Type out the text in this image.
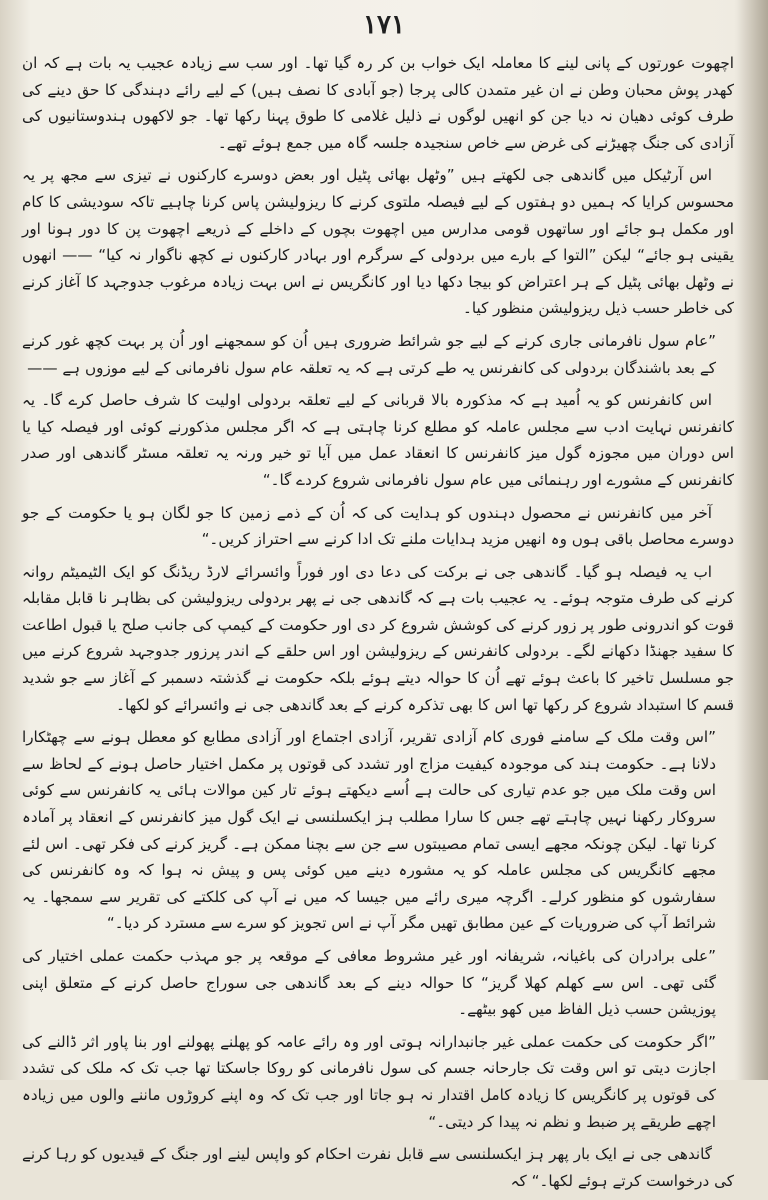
۱۷۱

اچھوت عورتوں کے پانی لینے کا معاملہ ایک خواب بن کر رہ گیا تھا۔ اور سب سے زیادہ عجیب یہ بات ہے کہ ان کھدر پوش محبان وطن نے ان غیر متمدن کالی پرجا (جو آبادی کا نصف ہیں) کے لیے رائے دہندگی کا حق دینے کی طرف کوئی دھیان نہ دیا جن کو انھیں لوگوں نے ذلیل غلامی کا طوق پہنا رکھا تھا۔ جو لاکھوں ہندوستانیوں کی آزادی کی جنگ چھیڑنے کی غرض سے خاص سنجیدہ جلسہ گاہ میں جمع ہوئے تھے۔

اس آرٹیکل میں گاندھی جی لکھتے ہیں ”وٹھل بھائی پٹیل اور بعض دوسرے کارکنوں نے تیزی سے مجھ پر یہ محسوس کرایا کہ ہمیں دو ہفتوں کے لیے فیصلہ ملتوی کرنے کا ریزولیشن پاس کرنا چاہیے تاکہ سودیشی کا کام اور مکمل ہو جائے اور ساتھوں قومی مدارس میں اچھوت بچوں کے داخلے کے ذریعے اچھوت پن کا دور ہونا اور یقینی ہو جائے“ لیکن ”التوا کے بارے میں بردولی کے سرگرم اور بہادر کارکنوں نے کچھ ناگوار نہ کیا“ —— انھوں نے وٹھل بھائی پٹیل کے ہر اعتراض کو بیجا دکھا دیا اور کانگریس نے اس بہت زیادہ مرغوب جدوجہد کا آغاز کرنے کی خاطر حسب ذیل ریزولیشن منظور کیا۔

”عام سول نافرمانی جاری کرنے کے لیے جو شرائط ضروری ہیں اُن کو سمجھنے اور اُن پر بہت کچھ غور کرنے کے بعد باشندگان بردولی کی کانفرنس یہ طے کرتی ہے کہ یہ تعلقہ عام سول نافرمانی کے لیے موزوں ہے ——

اس کانفرنس کو یہ اُمید ہے کہ مذکورہ بالا قربانی کے لیے تعلقہ بردولی اولیت کا شرف حاصل کرے گا۔ یہ کانفرنس نہایت ادب سے مجلس عاملہ کو مطلع کرنا چاہتی ہے کہ اگر مجلس مذکورنے کوئی اور فیصلہ کیا یا اس دوران میں مجوزہ گول میز کانفرنس کا انعقاد عمل میں آیا تو خیر ورنہ یہ تعلقہ مسٹر گاندھی اور صدر کانفرنس کے مشورے اور رہنمائی میں عام سول نافرمانی شروع کردے گا۔“

آخر میں کانفرنس نے محصول دہندوں کو ہدایت کی کہ اُن کے ذمے زمین کا جو لگان ہو یا حکومت کے جو دوسرے محاصل باقی ہوں وہ انھیں مزید ہدایات ملنے تک ادا کرنے سے احتراز کریں۔“

اب یہ فیصلہ ہو گیا۔ گاندھی جی نے برکت کی دعا دی اور فوراً وائسرائے لارڈ ریڈنگ کو ایک الٹیمیٹم روانہ کرنے کی طرف متوجہ ہوئے۔ یہ عجیب بات ہے کہ گاندھی جی نے پھر بردولی ریزولیشن کی بظاہر نا قابل مقابلہ قوت کو اندرونی طور پر زور کرنے کی کوشش شروع کر دی اور حکومت کے کیمپ کی جانب صلح یا قبول اطاعت کا سفید جھنڈا دکھانے لگے۔ بردولی کانفرنس کے ریزولیشن اور اس حلقے کے اندر پرزور جدوجہد شروع کرنے میں جو مسلسل تاخیر کا باعث ہوئے تھے اُن کا حوالہ دیتے ہوئے بلکہ حکومت نے گذشتہ دسمبر کے آغاز سے جو شدید قسم کا استبداد شروع کر رکھا تھا اس کا بھی تذکرہ کرنے کے بعد گاندھی جی نے وائسرائے کو لکھا۔

”اس وقت ملک کے سامنے فوری کام آزادی تقریر، آزادی اجتماع اور آزادی مطابع کو معطل ہونے سے چھٹکارا دلانا ہے۔ حکومت ہند کی موجودہ کیفیت مزاج اور تشدد کی قوتوں پر مکمل اختیار حاصل ہونے کے لحاظ سے اس وقت ملک میں جو عدم تیاری کی حالت ہے اُسے دیکھتے ہوئے تار کین موالات ہائی یہ کانفرنس سے کوئی سروکار رکھنا نہیں چاہتے تھے جس کا سارا مطلب ہز ایکسلنسی نے ایک گول میز کانفرنس کے انعقاد پر آمادہ کرنا تھا۔ لیکن چونکہ مجھے ایسی تمام مصیبتوں سے جن سے بچنا ممکن ہے۔ گریز کرنے کی فکر تھی۔ اس لئے مجھے کانگریس کی مجلس عاملہ کو یہ مشورہ دینے میں کوئی پس و پیش نہ ہوا کہ وہ کانفرنس کی سفارشوں کو منظور کرلے۔ اگرچہ میری رائے میں جیسا کہ میں نے آپ کی کلکتے کی تقریر سے سمجھا۔ یہ شرائط آپ کی ضروریات کے عین مطابق تھیں مگر آپ نے اس تجویز کو سرے سے مسترد کر دیا۔“

”علی برادران کی باغیانہ، شریفانہ اور غیر مشروط معافی کے موقعہ پر جو مہذب حکمت عملی اختیار کی گئی تھی۔ اس سے کھلم کھلا گریز“ کا حوالہ دینے کے بعد گاندھی جی سوراج حاصل کرنے کے متعلق اپنی پوزیشن حسب ذیل الفاظ میں کھو بیٹھے۔

”اگر حکومت کی حکمت عملی غیر جانبدارانہ ہوتی اور وہ رائے عامہ کو پھلنے پھولنے اور بنا پاور اثر ڈالنے کی اجازت دیتی تو اس وقت تک جارحانہ جسم کی سول نافرمانی کو روکا جاسکتا تھا جب تک کہ ملک کی تشدد کی قوتوں پر کانگریس کا زیادہ کامل اقتدار نہ ہو جاتا اور جب تک کہ وہ اپنے کروڑوں ماننے والوں میں زیادہ اچھے طریقے پر ضبط و نظم نہ پیدا کر دیتی۔“

گاندھی جی نے ایک بار پھر ہز ایکسلنسی سے قابل نفرت احکام کو واپس لینے اور جنگ کے قیدیوں کو رہا کرنے کی درخواست کرتے ہوئے لکھا۔“ کہ
